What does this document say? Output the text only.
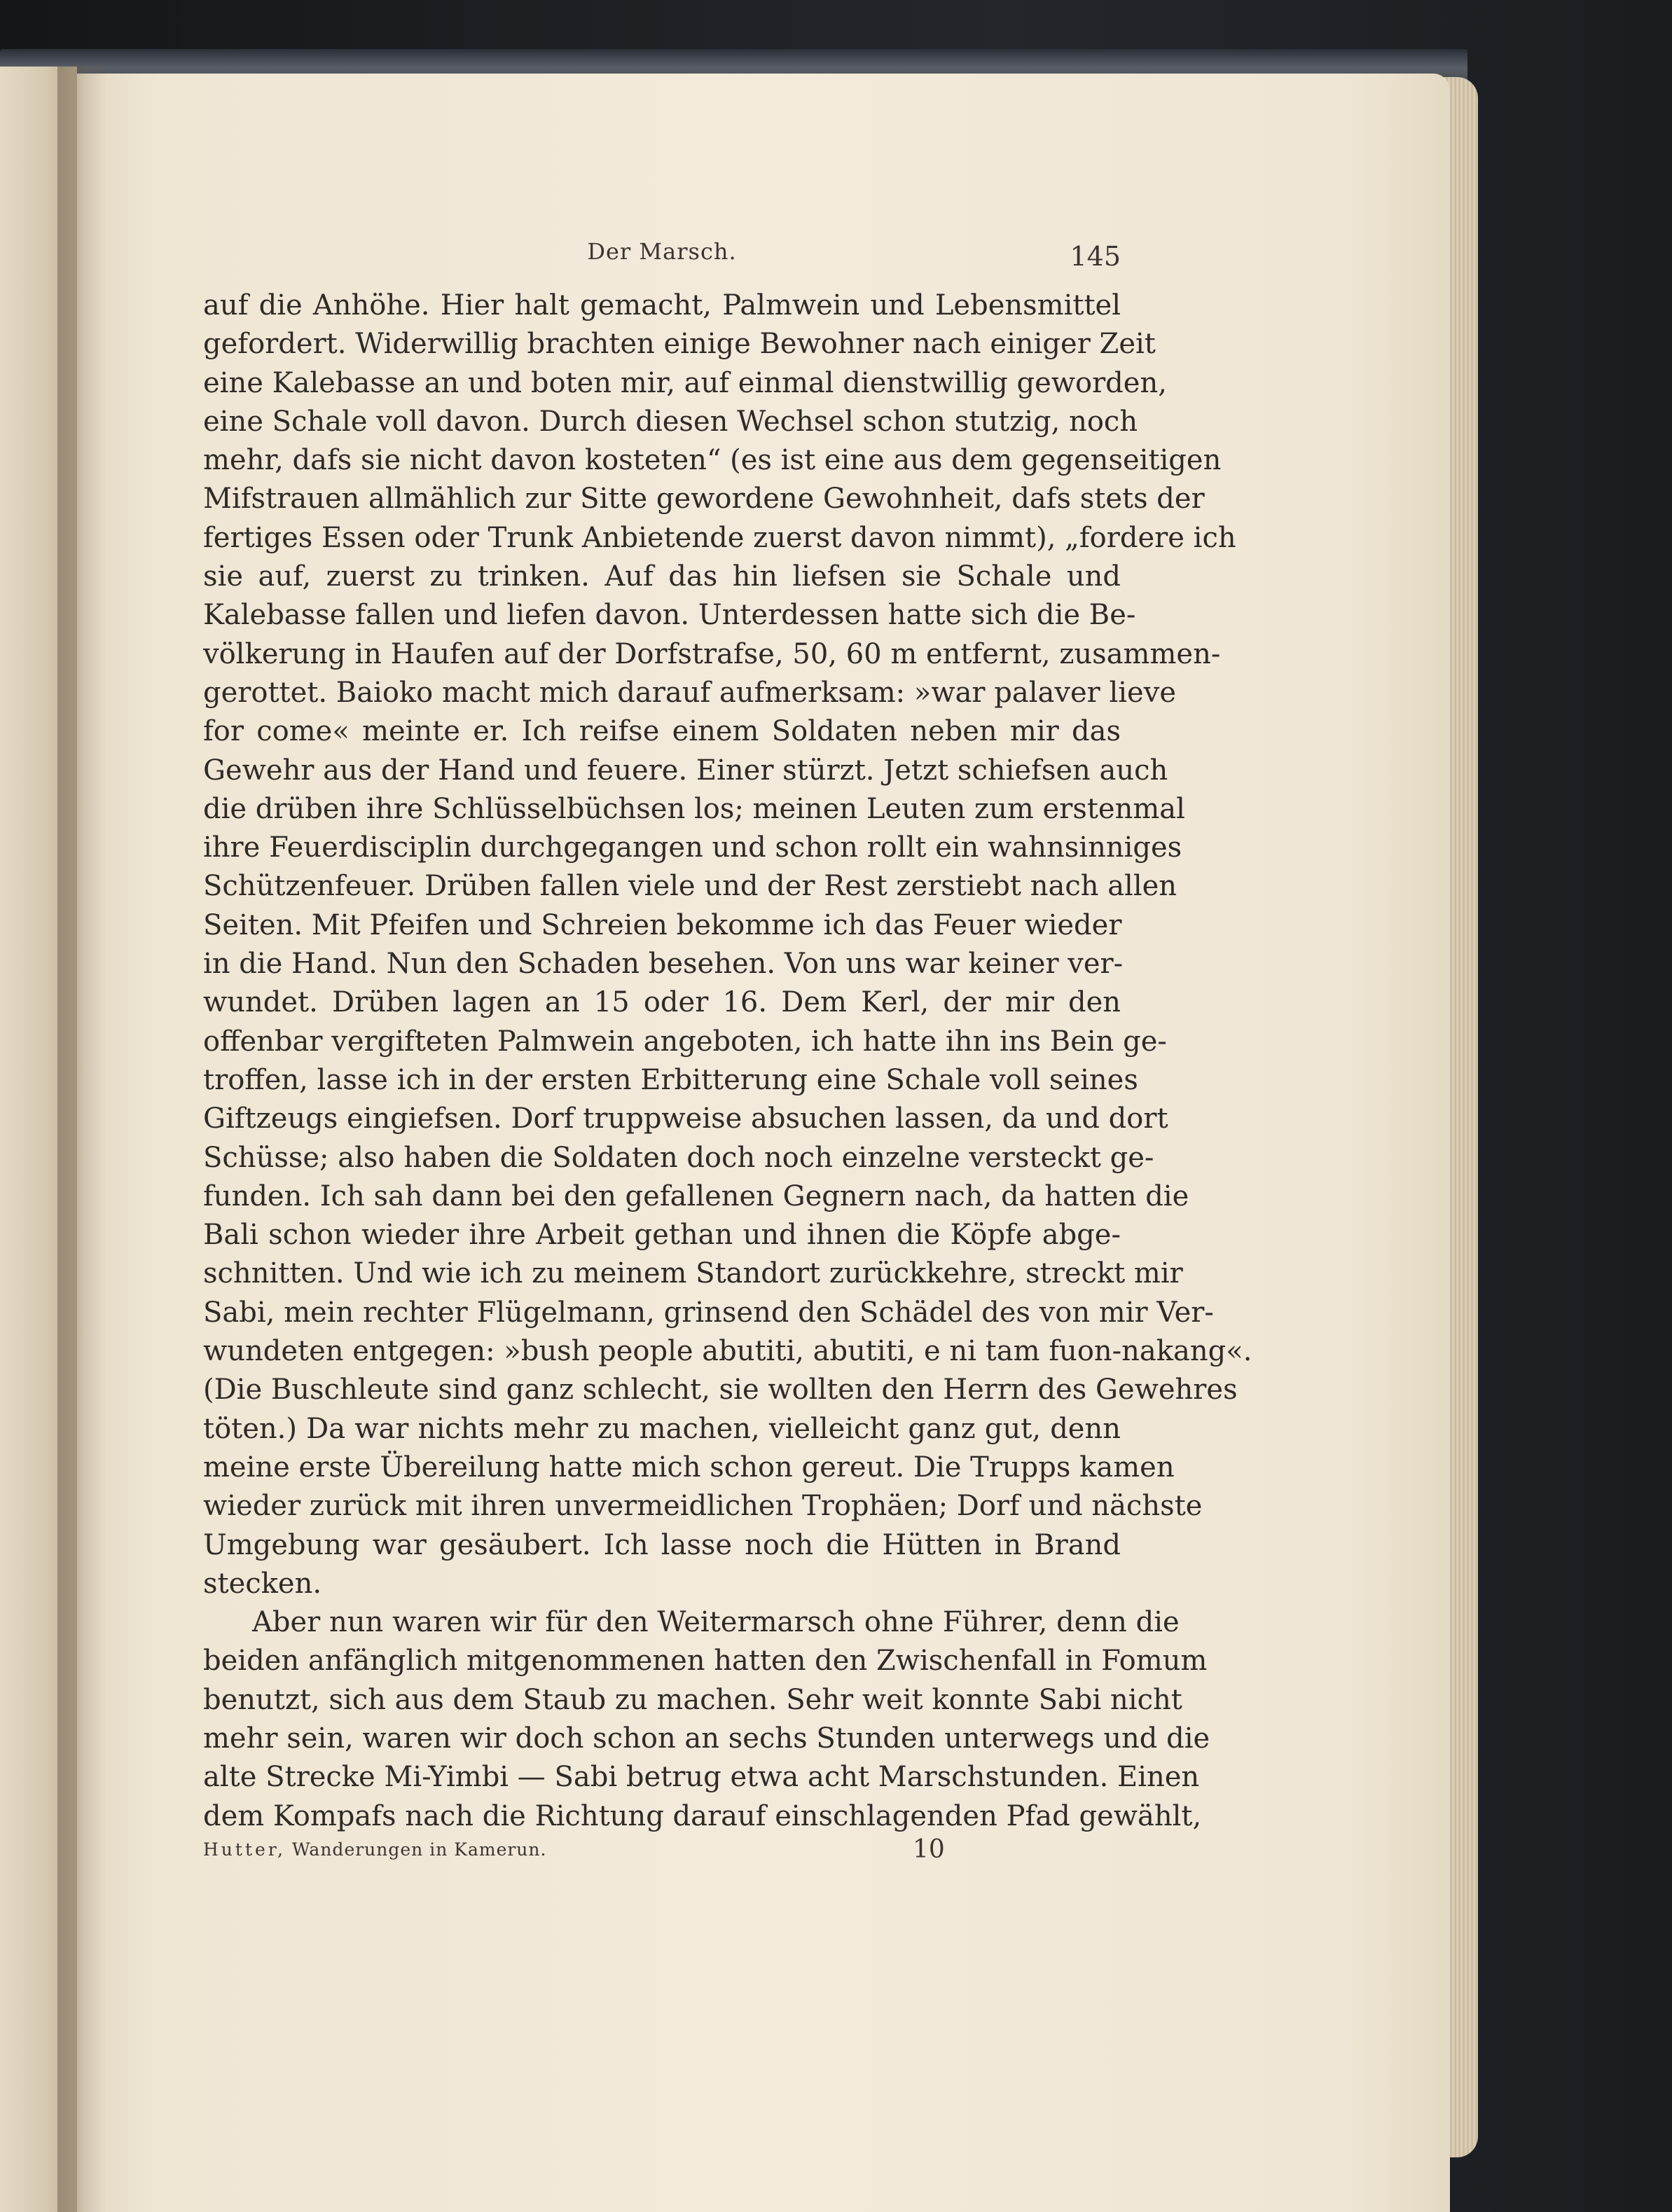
Der Marsch.	145
auf die Anhöhe. Hier halt gemacht, Palmwein und Lebensmittel
gefordert. Widerwillig brachten einige Bewohner nach einiger Zeit
eine Kalebasse an und boten mir, auf einmal dienstwillig geworden,
eine Schale voll davon. Durch diesen Wechsel schon stutzig, noch
mehr, dafs sie nicht davon kosteten“ (es ist eine aus dem gegenseitigen
Mifstrauen allmählich zur Sitte gewordene Gewohnheit, dafs stets der
fertiges Essen oder Trunk Anbietende zuerst davon nimmt), „fordere ich
sie auf, zuerst zu trinken. Auf das hin liefsen sie Schale und
Kalebasse fallen und liefen davon. Unterdessen hatte sich die Be-
völkerung in Haufen auf der Dorfstrafse, 50, 60 m entfernt, zusammen-
gerottet. Baioko macht mich darauf aufmerksam: »war palaver lieve
for come« meinte er. Ich reifse einem Soldaten neben mir das
Gewehr aus der Hand und feuere. Einer stürzt. Jetzt schiefsen auch
die drüben ihre Schlüsselbüchsen los; meinen Leuten zum erstenmal
ihre Feuerdisciplin durchgegangen und schon rollt ein wahnsinniges
Schützenfeuer. Drüben fallen viele und der Rest zerstiebt nach allen
Seiten. Mit Pfeifen und Schreien bekomme ich das Feuer wieder
in die Hand. Nun den Schaden besehen. Von uns war keiner ver-
wundet. Drüben lagen an 15 oder 16. Dem Kerl, der mir den
offenbar vergifteten Palmwein angeboten, ich hatte ihn ins Bein ge-
troffen, lasse ich in der ersten Erbitterung eine Schale voll seines
Giftzeugs eingiefsen. Dorf truppweise absuchen lassen, da und dort
Schüsse; also haben die Soldaten doch noch einzelne versteckt ge-
funden. Ich sah dann bei den gefallenen Gegnern nach, da hatten die
Bali schon wieder ihre Arbeit gethan und ihnen die Köpfe abge-
schnitten. Und wie ich zu meinem Standort zurückkehre, streckt mir
Sabi, mein rechter Flügelmann, grinsend den Schädel des von mir Ver-
wundeten entgegen: »bush people abutiti, abutiti, e ni tam fuon-nakang«.
(Die Buschleute sind ganz schlecht, sie wollten den Herrn des Gewehres
töten.) Da war nichts mehr zu machen, vielleicht ganz gut, denn
meine erste Übereilung hatte mich schon gereut. Die Trupps kamen
wieder zurück mit ihren unvermeidlichen Trophäen; Dorf und nächste
Umgebung war gesäubert. Ich lasse noch die Hütten in Brand
stecken.
Aber nun waren wir für den Weitermarsch ohne Führer, denn die
beiden anfänglich mitgenommenen hatten den Zwischenfall in Fomum
benutzt, sich aus dem Staub zu machen. Sehr weit konnte Sabi nicht
mehr sein, waren wir doch schon an sechs Stunden unterwegs und die
alte Strecke Mi-Yimbi — Sabi betrug etwa acht Marschstunden. Einen
dem Kompafs nach die Richtung darauf einschlagenden Pfad gewählt,
Hutter, Wanderungen in Kamerun.	10
